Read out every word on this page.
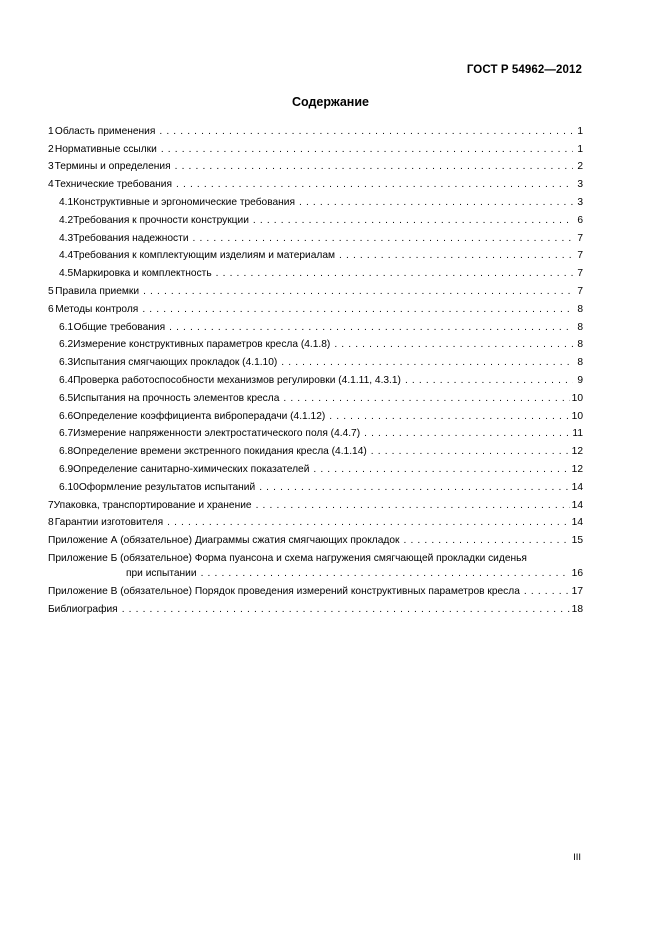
ГОСТ Р 54962—2012
Содержание
1 Область применения . . .	1
2 Нормативные ссылки . . .	1
3 Термины и определения . . .	2
4 Технические требования . . .	3
4.1 Конструктивные и эргономические требования . . .	3
4.2 Требования к прочности конструкции . . .	6
4.3 Требования надежности . . .	7
4.4 Требования к комплектующим изделиям и материалам . . .	7
4.5 Маркировка и комплектность . . .	7
5 Правила приемки . . .	7
6 Методы контроля . . .	8
6.1 Общие требования . . .	8
6.2 Измерение конструктивных параметров кресла (4.1.8) . . .	8
6.3 Испытания смягчающих прокладок (4.1.10) . . .	8
6.4 Проверка работоспособности механизмов регулировки (4.1.11, 4.3.1) . . .	9
6.5 Испытания на прочность элементов кресла . . .	10
6.6 Определение коэффициента виброперадачи (4.1.12) . . .	10
6.7 Измерение напряженности электростатического поля (4.4.7) . . .	11
6.8 Определение времени экстренного покидания кресла (4.1.14) . . .	12
6.9 Определение санитарно-химических показателей . . .	12
6.10 Оформление результатов испытаний . . .	14
7 Упаковка, транспортирование и хранение . . .	14
8 Гарантии изготовителя . . .	14
Приложение А (обязательное) Диаграммы сжатия смягчающих прокладок . . .	15
Приложение Б (обязательное) Форма пуансона и схема нагружения смягчающей прокладки сиденья
при испытании . . .	16
Приложение В (обязательное) Порядок проведения измерений конструктивных параметров кресла . . .	17
Библиография . . .	18
III
